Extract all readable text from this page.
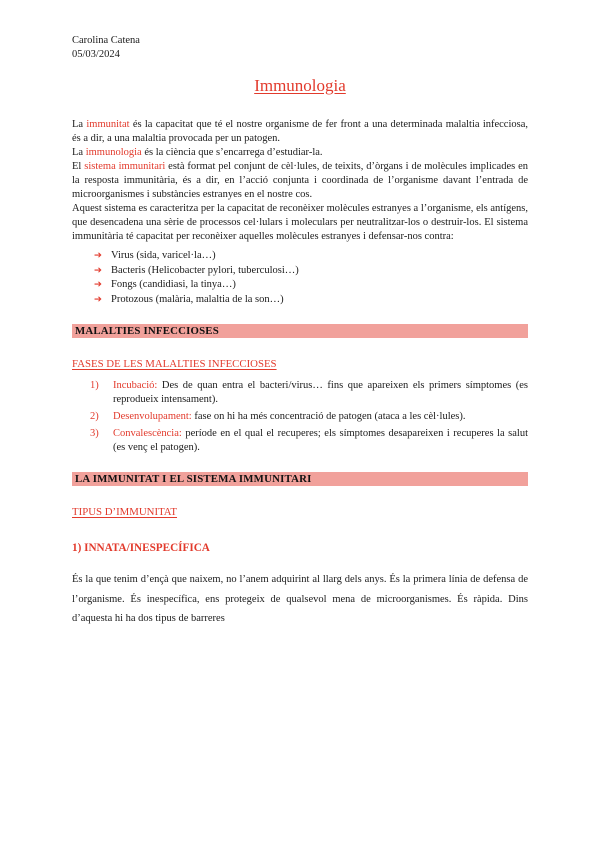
Carolina Catena
05/03/2024
Immunologia

La immunitat és la capacitat que té el nostre organisme de fer front a una determinada malaltia infecciosa, és a dir, a una malaltia provocada per un patogen.

La immunologia és la ciència que s’encarrega d’estudiar-la.

El sistema immunitari està format pel conjunt de cèl·lules, de teixits, d’òrgans i de molècules implicades en la resposta immunitària, és a dir, en l’acció conjunta i coordinada de l’organisme davant l’entrada de microorganismes i substàncies estranyes en el nostre cos.

Aquest sistema es caracteritza per la capacitat de reconèixer molècules estranyes a l’organisme, els antígens, que desencadena una sèrie de processos cel·lulars i moleculars per neutralitzar-los o destruir-los. El sistema immunitària té capacitat per reconèixer aquelles molècules estranyes i defensar-nos contra:

➔ Virus (sida, varicel·la…)

➔ Bacteris (Helicobacter pylori, tuberculosi…)

➔ Fongs (candidiasi, la tinya…)

➔ Protozous (malària, malaltia de la son…)

MALALTIES INFECCIOSES
FASES DE LES MALALTIES INFECCIOSES

1) Incubació: Des de quan entra el bacteri/virus… fins que apareixen els primers símptomes (es reprodueix intensament).

2) Desenvolupament: fase on hi ha més concentració de patogen (ataca a les cèl·lules).

3) Convalescència: període en el qual el recuperes; els símptomes desapareixen i recuperes la salut (es venç el patogen).

LA IMMUNITAT I EL SISTEMA IMMUNITARI
TIPUS D’IMMUNITAT
1) INNATA/INESPECÍFICA

És la que tenim d’ençà que naixem, no l’anem adquirint al llarg dels anys. És la primera línia de defensa de l’organisme. És inespecífica, ens protegeix de qualsevol mena de microorganismes. És ràpida. Dins d’aquesta hi ha dos tipus de barreres
